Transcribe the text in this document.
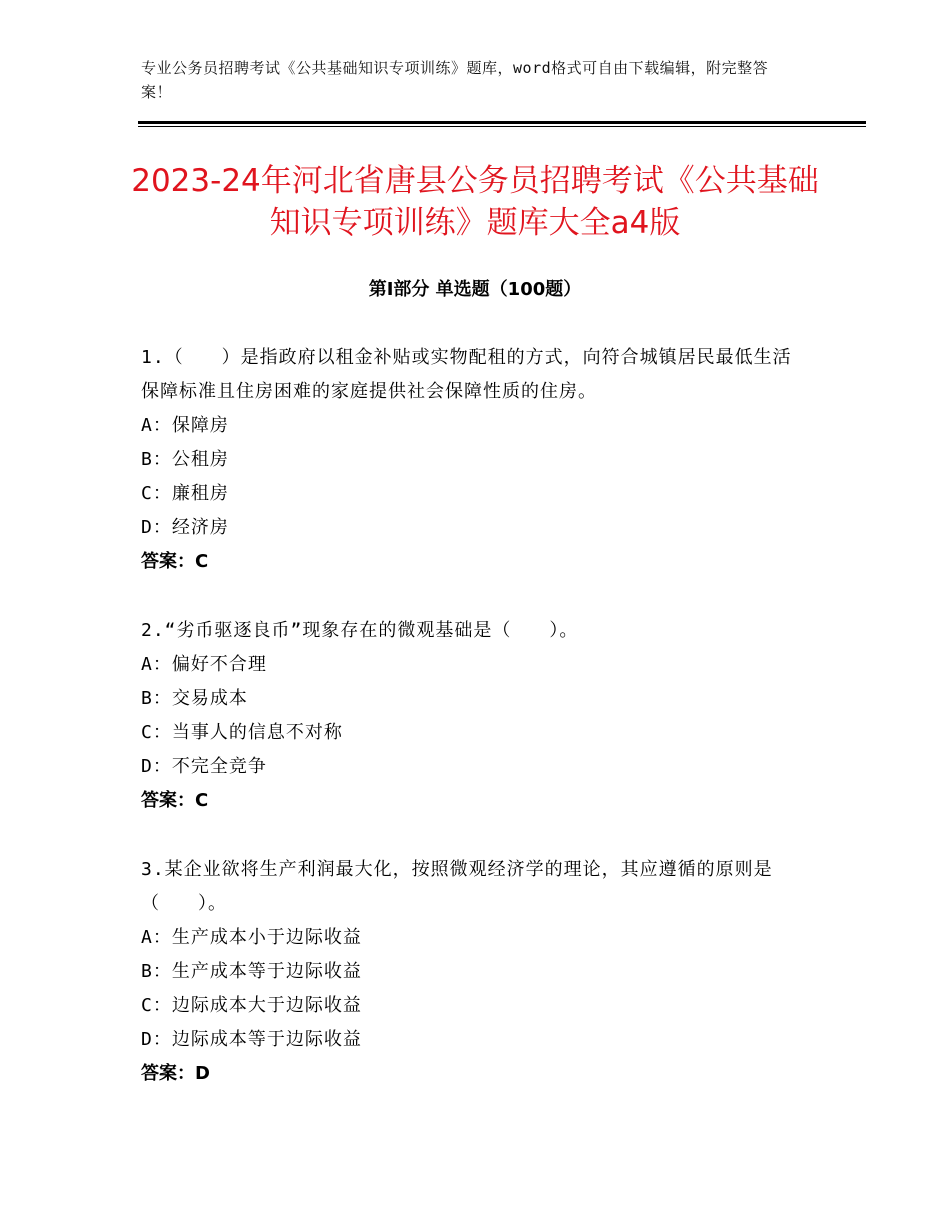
专业公务员招聘考试《公共基础知识专项训练》题库，word格式可自由下载编辑，附完整答案！
2023-24年河北省唐县公务员招聘考试《公共基础知识专项训练》题库大全a4版
第Ⅰ部分 单选题（100题）
1.（　　）是指政府以租金补贴或实物配租的方式，向符合城镇居民最低生活保障标准且住房困难的家庭提供社会保障性质的住房。
A：保障房
B：公租房
C：廉租房
D：经济房
答案：C
2.“劣币驱逐良币”现象存在的微观基础是（　　）。
A：偏好不合理
B：交易成本
C：当事人的信息不对称
D：不完全竞争
答案：C
3.某企业欲将生产利润最大化，按照微观经济学的理论，其应遵循的原则是（　　）。
A：生产成本小于边际收益
B：生产成本等于边际收益
C：边际成本大于边际收益
D：边际成本等于边际收益
答案：D
